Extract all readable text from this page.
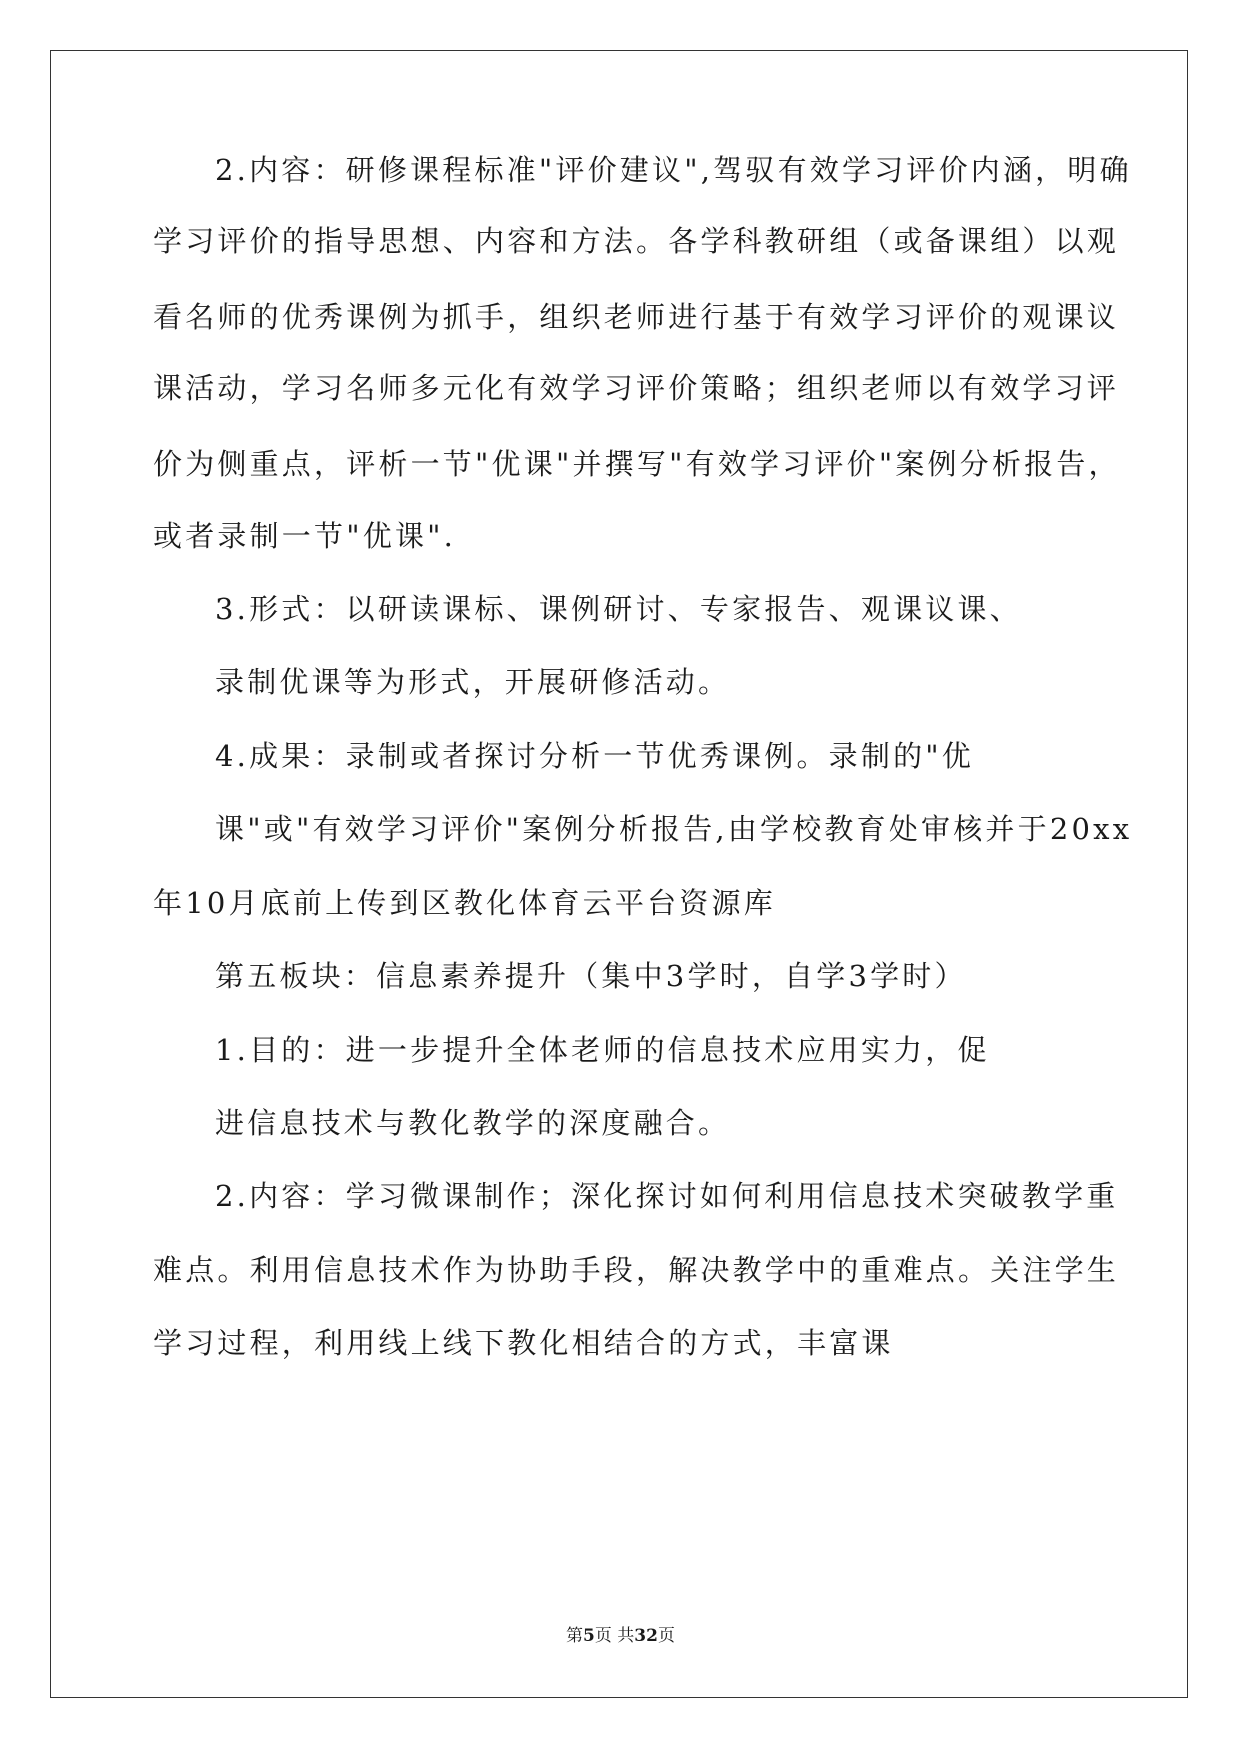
2.内容：研修课程标准"评价建议",驾驭有效学习评价内涵，明确
学习评价的指导思想、内容和方法。各学科教研组（或备课组）以观
看名师的优秀课例为抓手，组织老师进行基于有效学习评价的观课议
课活动，学习名师多元化有效学习评价策略；组织老师以有效学习评
价为侧重点，评析一节"优课"并撰写"有效学习评价"案例分析报告，
或者录制一节"优课".
3.形式：以研读课标、课例研讨、专家报告、观课议课、
录制优课等为形式，开展研修活动。
4.成果：录制或者探讨分析一节优秀课例。录制的"优
课"或"有效学习评价"案例分析报告,由学校教育处审核并于20xx
年10月底前上传到区教化体育云平台资源库
第五板块：信息素养提升（集中3学时，自学3学时）
1.目的：进一步提升全体老师的信息技术应用实力，促
进信息技术与教化教学的深度融合。
2.内容：学习微课制作；深化探讨如何利用信息技术突破教学重
难点。利用信息技术作为协助手段，解决教学中的重难点。关注学生
学习过程，利用线上线下教化相结合的方式，丰富课
第5页 共32页
